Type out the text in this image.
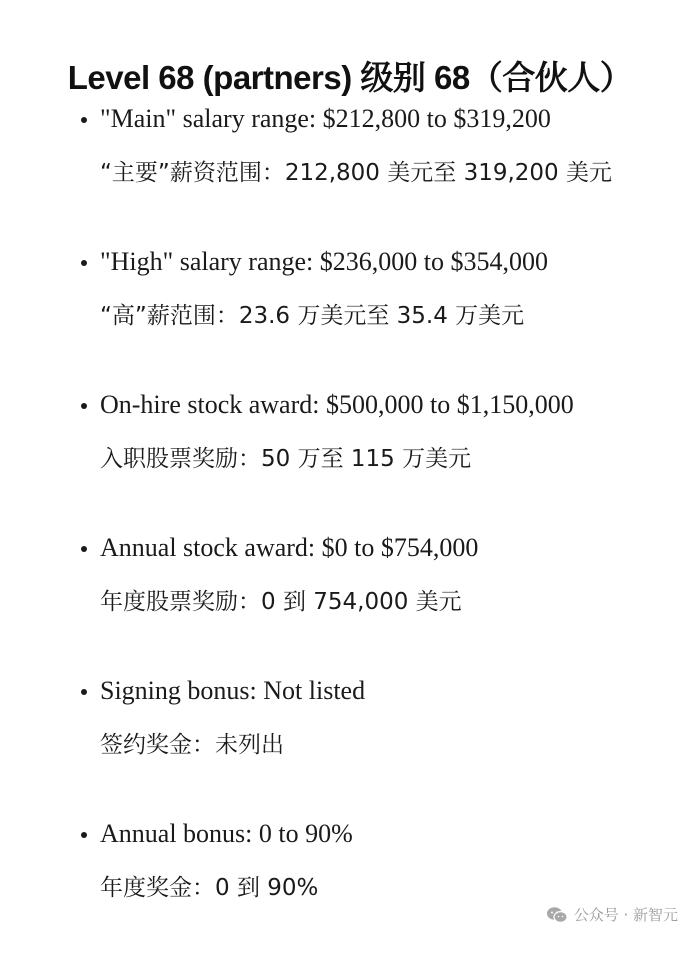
Level 68 (partners) 级别 68（合伙人）
"Main" salary range: $212,800 to $319,200
“主要”薪资范围：212,800 美元至 319,200 美元
"High" salary range: $236,000 to $354,000
“高”薪范围：23.6 万美元至 35.4 万美元
On-hire stock award: $500,000 to $1,150,000
入职股票奖励：50 万至 115 万美元
Annual stock award: $0 to $754,000
年度股票奖励：0 到 754,000 美元
Signing bonus: Not listed
签约奖金：未列出
Annual bonus: 0 to 90%
年度奖金：0 到 90%
公众号 · 新智元
